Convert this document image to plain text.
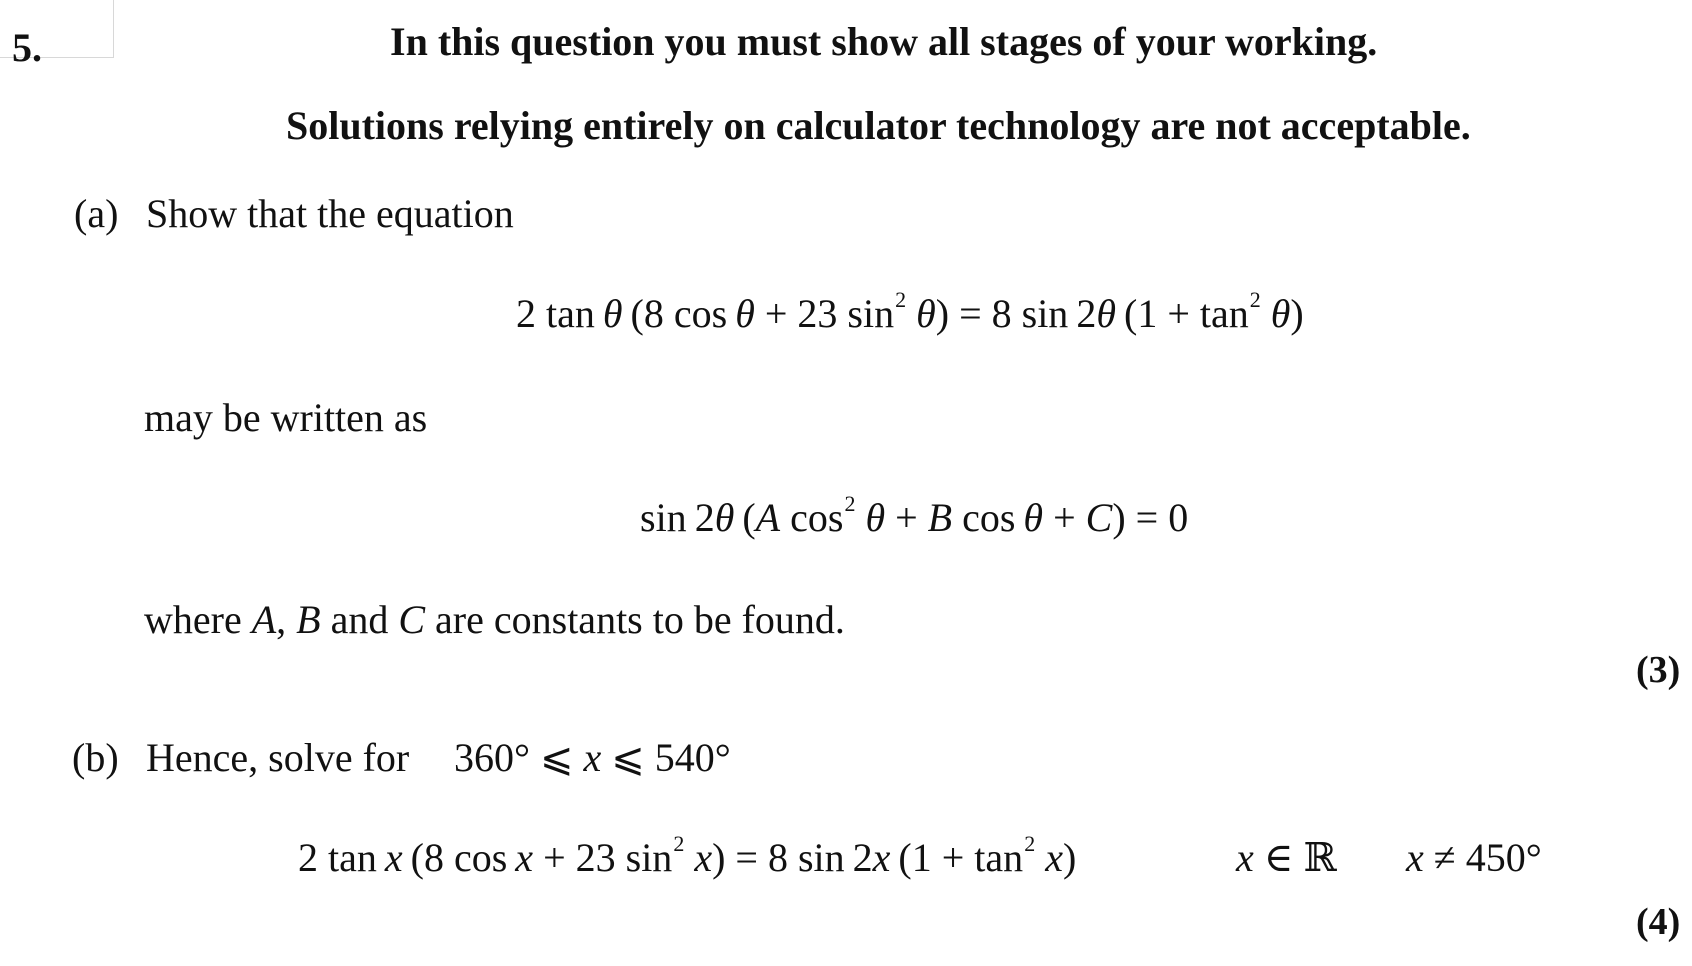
5.	In this question you must show all stages of your working.
Solutions relying entirely on calculator technology are not acceptable.
(a) Show that the equation
2 tan θ (8 cos θ + 23 $\sin^2 \theta) = 8$ sin 2θ $(1 + \tan^2 \theta)$
may be written as
sin 2θ (A $\cos^2 \theta + B$ cos θ + C) = 0
where A, B and C are constants to be found.
(3)
(b) Hence, solve for 360° ⩽ x ⩽ 540°
2 tan x (8 cos x + 23 $\sin^2 x) = 8$ sin 2x $(1 + \tan^2 x)$	x ∈ ℝ x ≠ 450°
(4)
